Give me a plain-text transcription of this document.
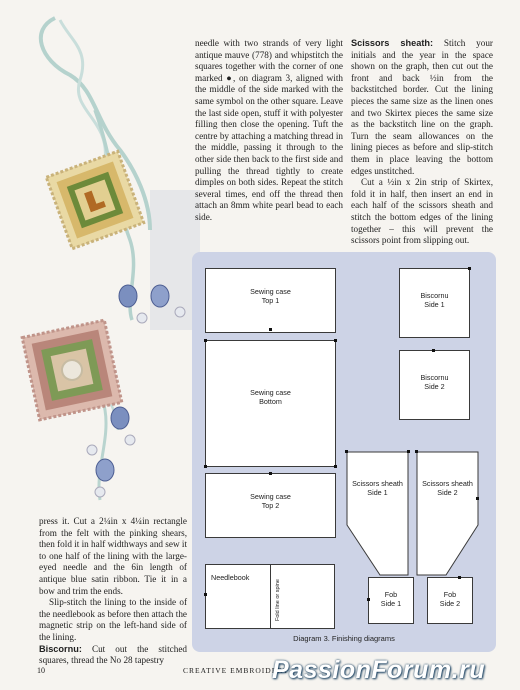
needle with two strands of very light antique mauve (778) and whipstitch the squares together with the corner of one marked ●, on diagram 3, aligned with the middle of the side marked with the same symbol on the other square. Leave the last side open, stuff it with polyester filling then close the opening. Tuft the centre by attaching a matching thread in the middle, passing it through to the other side then back to the first side and pulling the thread tightly to create dimples on both sides. Repeat the stitch several times, end off the thread then attach an 8mm white pearl bead to each side.

Scissors sheath: Stitch your initials and the year in the space shown on the graph, then cut out the front and back ½in from the backstitched border. Cut the lining pieces the same size as the linen ones and two Skirtex pieces the same size as the backstitch line on the graph. Turn the seam allowances on the lining pieces as before and slip-stitch them in place leaving the bottom edges unstitched.

Cut a ½in x 2in strip of Skirtex, fold it in half, then insert an end in each half of the scissors sheath and stitch the bottom edges of the lining together – this will prevent the scissors point from slipping out.

Sewing case
Top 1
Sewing case
Bottom
Sewing case
Top 2
Biscornu
Side 1
Biscornu
Side 2
Scissors sheath
Side 1
Scissors sheath
Side 2
Needlebook
Fold line or spine	Fob
Side 1
Fob
Side 2
Diagram 3. Finishing diagrams

press it. Cut a 2¼in x 4¼in rectangle from the felt with the pinking shears, then fold it in half widthways and sew it to one half of the lining with the large-eyed needle and the 6in length of antique blue satin ribbon. Tie it in a bow and trim the ends.

Slip-stitch the lining to the inside of the needlebook as before then attach the magnetic strip on the left-hand side of the lining.

Biscornu: Cut out the stitched squares, thread the No 28 tapestry

10	CREATIVE EMBROIDERY
PassionForum.ru
